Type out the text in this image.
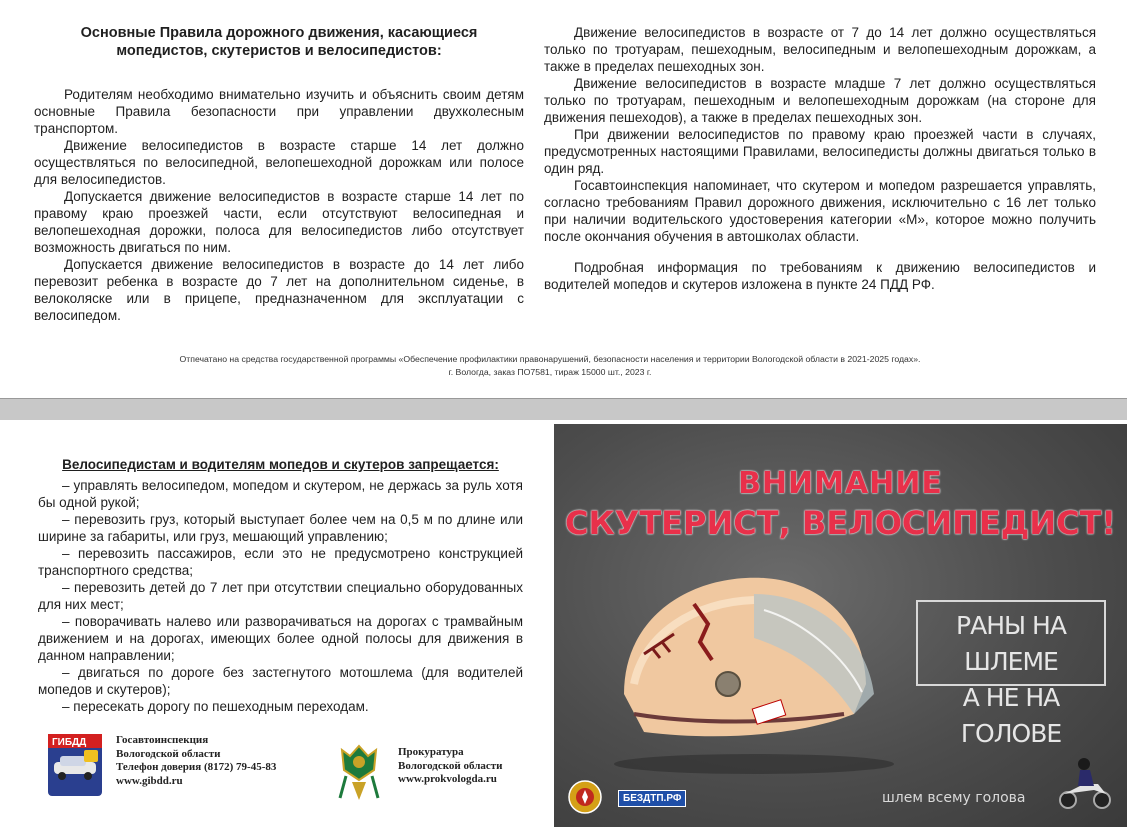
Основные Правила дорожного движения, касающиеся мопедистов, скутеристов и велосипедистов:

Родителям необходимо внимательно изучить и объяснить своим детям основные Правила безопасности при управлении двухколесным транспортом.

Движение велосипедистов в возрасте старше 14 лет должно осуществляться по велосипедной, велопешеходной дорожкам или полосе для велосипедистов.

Допускается движение велосипедистов в возрасте старше 14 лет по правому краю проезжей части, если отсутствуют велосипедная и велопешеходная дорожки, полоса для велосипедистов либо отсутствует возможность двигаться по ним.

Допускается движение велосипедистов в возрасте до 14 лет либо перевозит ребенка в возрасте до 7 лет на дополнительном сиденье, в велоколяске или в прицепе, предназначенном для эксплуатации с велосипедом.

Движение велосипедистов в возрасте от 7 до 14 лет должно осуществляться только по тротуарам, пешеходным, велосипедным и велопешеходным дорожкам, а также в пределах пешеходных зон.

Движение велосипедистов в возрасте младше 7 лет должно осуществляться только по тротуарам, пешеходным и велопешеходным дорожкам (на стороне для движения пешеходов), а также в пределах пешеходных зон.

При движении велосипедистов по правому краю проезжей части в случаях, предусмотренных настоящими Правилами, велосипедисты должны двигаться только в один ряд.

Госавтоинспекция напоминает, что скутером и мопедом разрешается управлять, согласно требованиям Правил дорожного движения, исключительно с 16 лет только при наличии водительского удостоверения категории «М», которое можно получить после окончания обучения в автошколах области.

Подробная информация по требованиям к движению велосипедистов и водителей мопедов и скутеров изложена в пункте 24 ПДД РФ.

Отпечатано на средства государственной программы «Обеспечение профилактики правонарушений, безопасности населения и территории Вологодской области в 2021-2025 годах».
г. Вологда, заказ ПО7581, тираж 15000 шт., 2023 г.
Велосипедистам и водителям мопедов и скутеров запрещается:

– управлять велосипедом, мопедом и скутером, не держась за руль хотя бы одной рукой;

– перевозить груз, который выступает более чем на 0,5 м по длине или ширине за габариты, или груз, мешающий управлению;

– перевозить пассажиров, если это не предусмотрено конструкцией транспортного средства;

– перевозить детей до 7 лет при отсутствии специально оборудованных для них мест;

– поворачивать налево или разворачиваться на дорогах с трамвайным движением и на дорогах, имеющих более одной полосы для движения в данном направлении;

– двигаться по дороге без застегнутого мотошлема (для водителей мопедов и скутеров);

– пересекать дорогу по пешеходным переходам.

ГИБДД	Госавтоинспекция
Вологодской области
Телефон доверия (8172) 79-45-83
www.gibdd.ru
Прокуратура
Вологодской области
www.prokvologda.ru
ВНИМАНИЕ
СКУТЕРИСТ, ВЕЛОСИПЕДИСТ!
РАНЫ НА ШЛЕМЕ
А НЕ НА ГОЛОВЕ
БЕЗДТП.РФ	шлем всему голова
